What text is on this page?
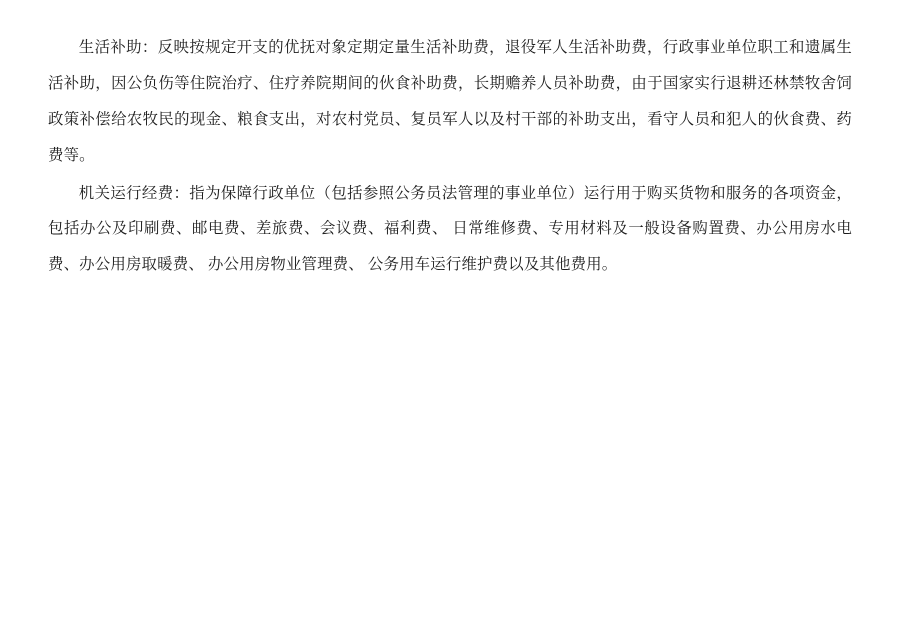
生活补助：反映按规定开支的优抚对象定期定量生活补助费，退役军人生活补助费，行政事业单位职工和遗属生活补助，因公负伤等住院治疗、住疗养院期间的伙食补助费，长期赡养人员补助费，由于国家实行退耕还林禁牧舍饲政策补偿给农牧民的现金、粮食支出，对农村党员、复员军人以及村干部的补助支出，看守人员和犯人的伙食费、药费等。

机关运行经费：指为保障行政单位（包括参照公务员法管理的事业单位）运行用于购买货物和服务的各项资金，包括办公及印刷费、邮电费、差旅费、会议费、福利费、 日常维修费、专用材料及一般设备购置费、办公用房水电费、办公用房取暖费、 办公用房物业管理费、 公务用车运行维护费以及其他费用。
